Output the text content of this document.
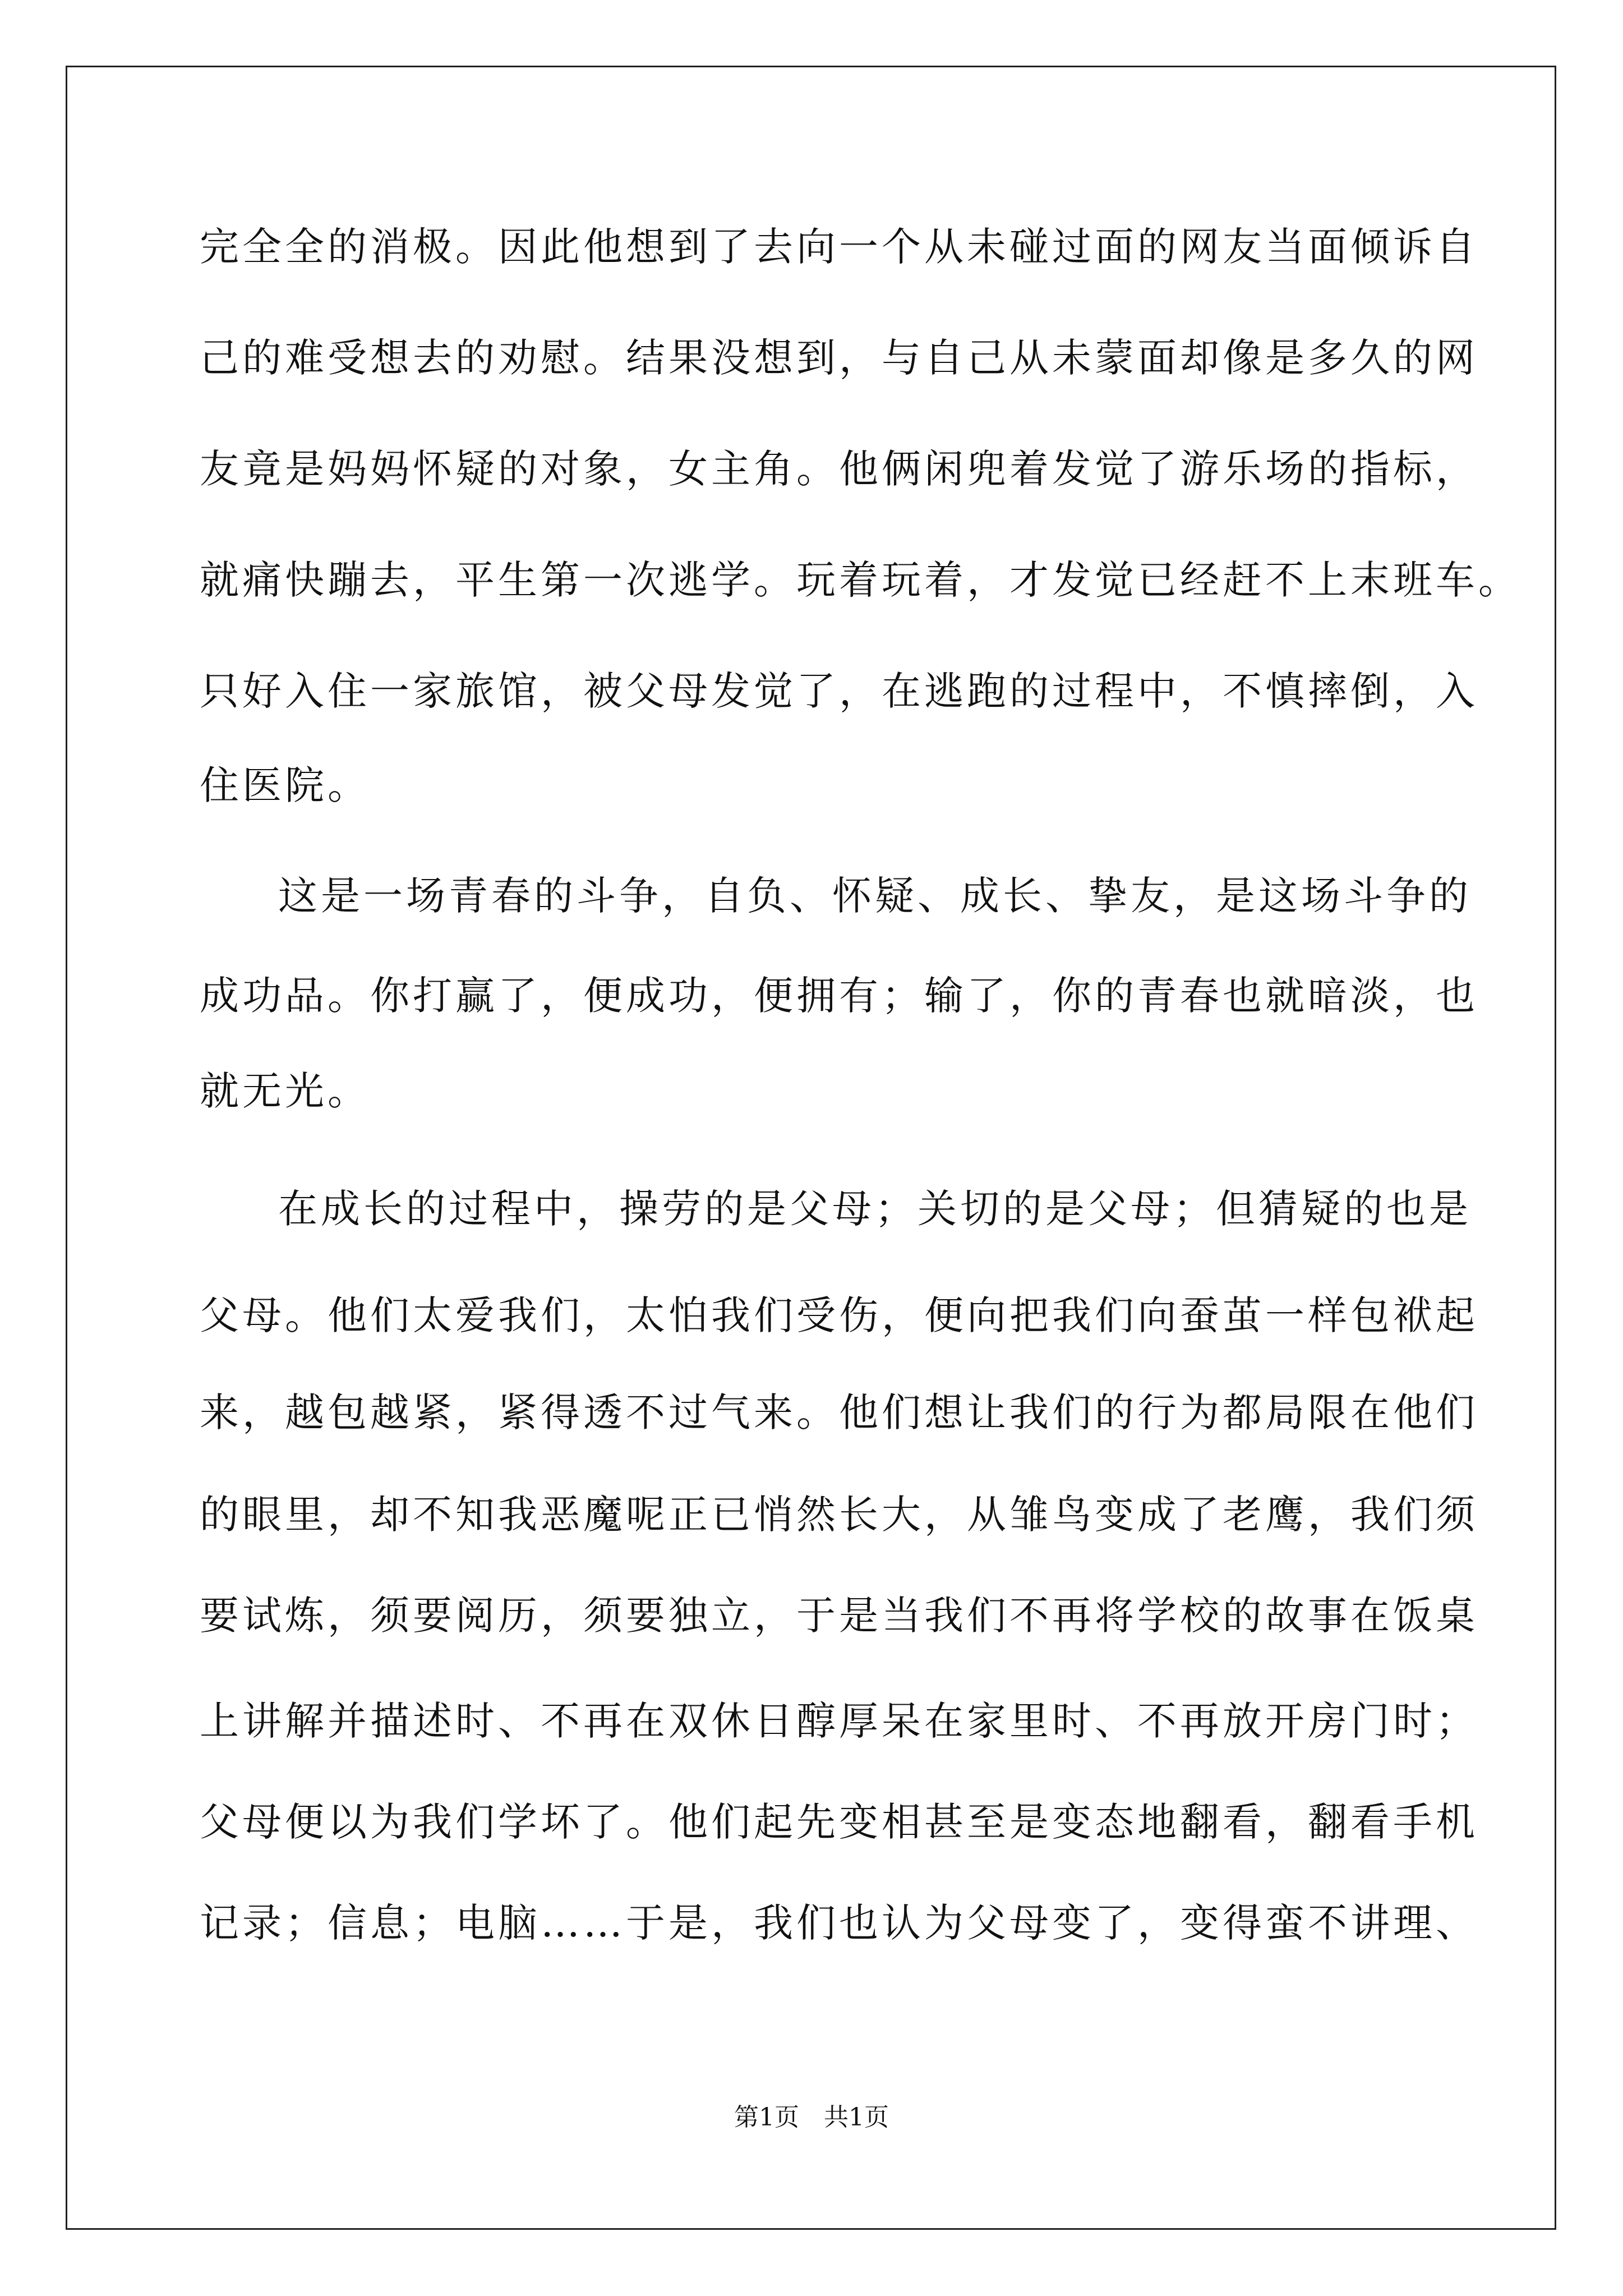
完全全的消极。因此他想到了去向一个从未碰过面的网友当面倾诉自
己的难受想去的劝慰。结果没想到，与自己从未蒙面却像是多久的网
友竟是妈妈怀疑的对象，女主角。他俩闲兜着发觉了游乐场的指标，
就痛快蹦去，平生第一次逃学。玩着玩着，才发觉已经赶不上末班车。
只好入住一家旅馆，被父母发觉了，在逃跑的过程中，不慎摔倒，入
住医院。
这是一场青春的斗争，自负、怀疑、成长、挚友，是这场斗争的
成功品。你打赢了，便成功，便拥有；输了，你的青春也就暗淡，也
就无光。
在成长的过程中，操劳的是父母；关切的是父母；但猜疑的也是
父母。他们太爱我们，太怕我们受伤，便向把我们向蚕茧一样包袱起
来，越包越紧，紧得透不过气来。他们想让我们的行为都局限在他们
的眼里，却不知我恶魔呢正已悄然长大，从雏鸟变成了老鹰，我们须
要试炼，须要阅历，须要独立，于是当我们不再将学校的故事在饭桌
上讲解并描述时、不再在双休日醇厚呆在家里时、不再放开房门时；
父母便以为我们学坏了。他们起先变相甚至是变态地翻看，翻看手机
记录；信息；电脑……于是，我们也认为父母变了，变得蛮不讲理、
第1页　共1页
